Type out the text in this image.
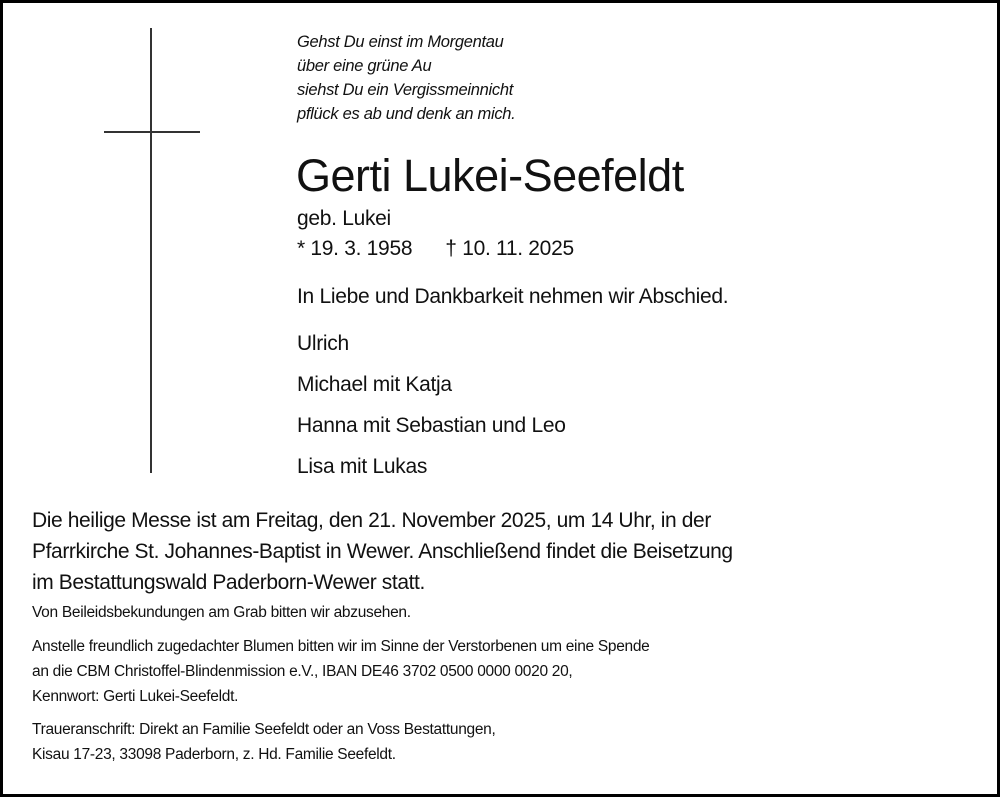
Gehst Du einst im Morgentau
über eine grüne Au
siehst Du ein Vergissmeinnicht
pflück es ab und denk an mich.
Gerti Lukei-Seefeldt
geb. Lukei
* 19. 3. 1958 † 10. 11. 2025
In Liebe und Dankbarkeit nehmen wir Abschied.
Ulrich
Michael mit Katja
Hanna mit Sebastian und Leo
Lisa mit Lukas
Die heilige Messe ist am Freitag, den 21. November 2025, um 14 Uhr, in der
Pfarrkirche St. Johannes-Baptist in Wewer. Anschließend findet die Beisetzung
im Bestattungswald Paderborn-Wewer statt.
Von Beileidsbekundungen am Grab bitten wir abzusehen.
Anstelle freundlich zugedachter Blumen bitten wir im Sinne der Verstorbenen um eine Spende
an die CBM Christoffel-Blindenmission e.V., IBAN DE46 3702 0500 0000 0020 20,
Kennwort: Gerti Lukei-Seefeldt.
Traueranschrift: Direkt an Familie Seefeldt oder an Voss Bestattungen,
Kisau 17-23, 33098 Paderborn, z. Hd. Familie Seefeldt.
